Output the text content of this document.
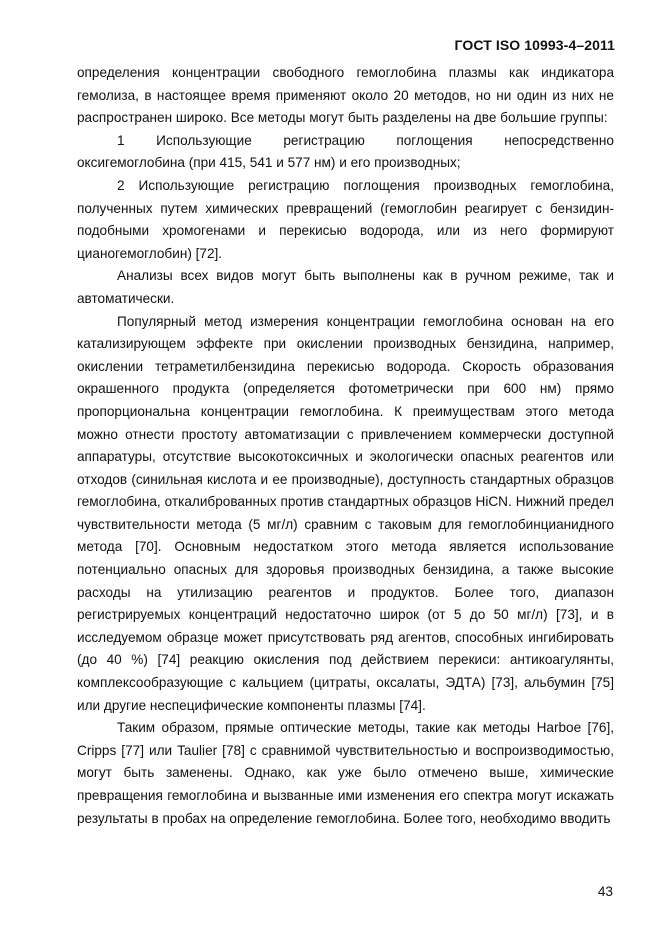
ГОСТ ISO 10993-4–2011

определения концентрации свободного гемоглобина плазмы как индикатора гемолиза, в настоящее время применяют около 20 методов, но ни один из них не распространен широко. Все методы могут быть разделены на две большие группы:

1 Использующие регистрацию поглощения непосредственно оксигемоглобина (при 415, 541 и 577 нм) и его производных;

2 Использующие регистрацию поглощения производных гемоглобина, полученных путем химических превращений (гемоглобин реагирует с бензидин-подобными хромогенами и перекисью водорода, или из него формируют цианогемоглобин) [72].

Анализы всех видов могут быть выполнены как в ручном режиме, так и автоматически.

Популярный метод измерения концентрации гемоглобина основан на его катализирующем эффекте при окислении производных бензидина, например, окислении тетраметилбензидина перекисью водорода. Скорость образования окрашенного продукта (определяется фотометрически при 600 нм) прямо пропорциональна концентрации гемоглобина. К преимуществам этого метода можно отнести простоту автоматизации с привлечением коммерчески доступной аппаратуры, отсутствие высокотоксичных и экологически опасных реагентов или отходов (синильная кислота и ее производные), доступность стандартных образцов гемоглобина, откалиброванных против стандартных образцов HiCN. Нижний предел чувствительности метода (5 мг/л) сравним с таковым для гемоглобинцианидного метода [70]. Основным недостатком этого метода является использование потенциально опасных для здоровья производных бензидина, а также высокие расходы на утилизацию реагентов и продуктов. Более того, диапазон регистрируемых концентраций недостаточно широк (от 5 до 50 мг/л) [73], и в исследуемом образце может присутствовать ряд агентов, способных ингибировать (до 40 %) [74] реакцию окисления под действием перекиси: антикоагулянты, комплексообразующие с кальцием (цитраты, оксалаты, ЭДТА) [73], альбумин [75] или другие неспецифические компоненты плазмы [74].

Таким образом, прямые оптические методы, такие как методы Harboe [76], Cripps [77] или Taulier [78] с сравнимой чувствительностью и воспроизводимостью, могут быть заменены. Однако, как уже было отмечено выше, химические превращения гемоглобина и вызванные ими изменения его спектра могут искажать результаты в пробах на определение гемоглобина. Более того, необходимо вводить

43
